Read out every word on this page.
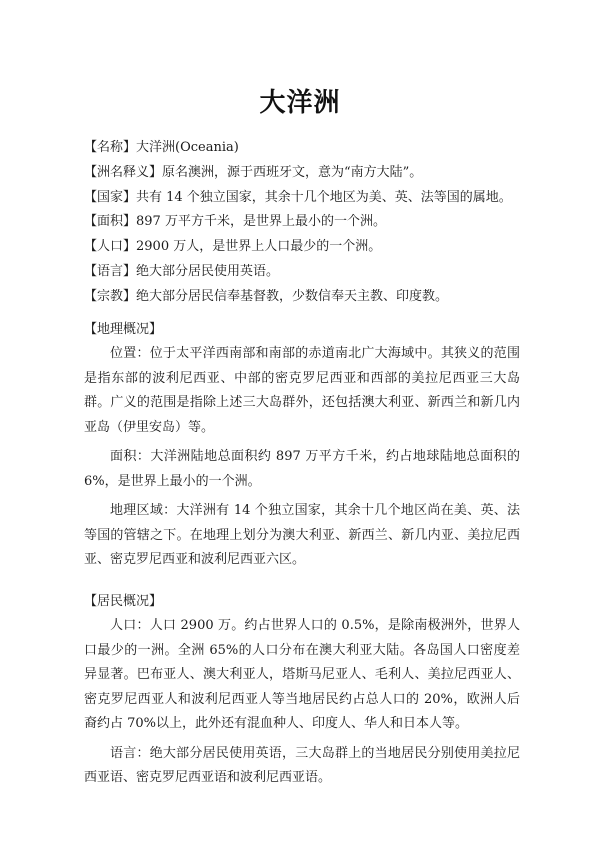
大洋洲
【名称】大洋洲(Oceania)
【洲名释义】原名澳洲，源于西班牙文，意为“南方大陆”。
【国家】共有 14 个独立国家，其余十几个地区为美、英、法等国的属地。
【面积】897 万平方千米，是世界上最小的一个洲。
【人口】2900 万人，是世界上人口最少的一个洲。
【语言】绝大部分居民使用英语。
【宗教】绝大部分居民信奉基督教，少数信奉天主教、印度教。
【地理概况】

位置：位于太平洋西南部和南部的赤道南北广大海域中。其狭义的范围是指东部的波利尼西亚、中部的密克罗尼西亚和西部的美拉尼西亚三大岛群。广义的范围是指除上述三大岛群外，还包括澳大利亚、新西兰和新几内亚岛（伊里安岛）等。

面积：大洋洲陆地总面积约 897 万平方千米，约占地球陆地总面积的 6%，是世界上最小的一个洲。

地理区域：大洋洲有 14 个独立国家，其余十几个地区尚在美、英、法等国的管辖之下。在地理上划分为澳大利亚、新西兰、新几内亚、美拉尼西亚、密克罗尼西亚和波利尼西亚六区。

【居民概况】

人口：人口 2900 万。约占世界人口的 0.5%，是除南极洲外，世界人口最少的一洲。全洲 65%的人口分布在澳大利亚大陆。各岛国人口密度差异显著。巴布亚人、澳大利亚人，塔斯马尼亚人、毛利人、美拉尼西亚人、密克罗尼西亚人和波利尼西亚人等当地居民约占总人口的 20%，欧洲人后裔约占 70%以上，此外还有混血种人、印度人、华人和日本人等。

语言：绝大部分居民使用英语，三大岛群上的当地居民分别使用美拉尼西亚语、密克罗尼西亚语和波利尼西亚语。
